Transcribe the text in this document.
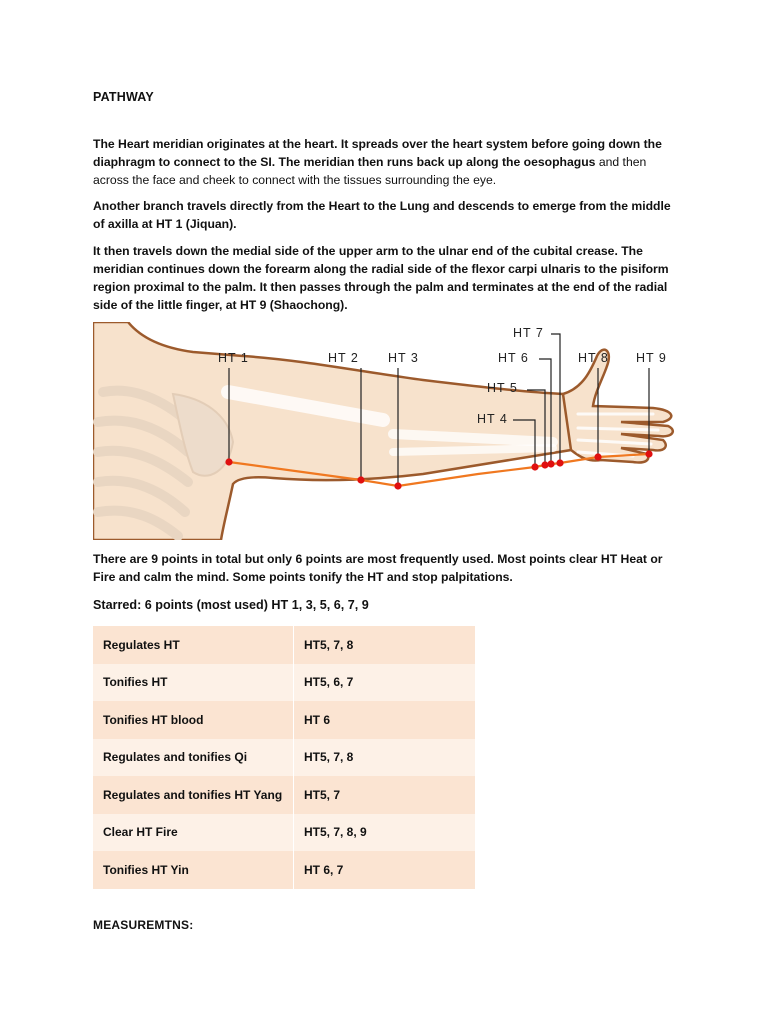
PATHWAY

The Heart meridian originates at the heart. It spreads over the heart system before going down the diaphragm to connect to the SI. The meridian then runs back up along the oesophagus and then across the face and cheek to connect with the tissues surrounding the eye.

Another branch travels directly from the Heart to the Lung and descends to emerge from the middle of axilla at HT 1 (Jiquan).

It then travels down the medial side of the upper arm to the ulnar end of the cubital crease. The meridian continues down the forearm along the radial side of the flexor carpi ulnaris to the pisiform region proximal to the palm. It then passes through the palm and terminates at the end of the radial side of the little finger, at HT 9 (Shaochong).

HT 1	HT 2 HT 3
HT 4
HT 5
HT 6
HT 7
HT 8 HT 9

There are 9 points in total but only 6 points are most frequently used. Most points clear HT Heat or Fire and calm the mind. Some points tonify the HT and stop palpitations.

Starred: 6 points (most used) HT 1, 3, 5, 6, 7, 9

Regulates HT	HT5, 7, 8
Tonifies HT	HT5, 6, 7
Tonifies HT blood	HT 6
Regulates and tonifies Qi	HT5, 7, 8
Regulates and tonifies HT Yang	HT5, 7
Clear HT Fire	HT5, 7, 8, 9
Tonifies HT Yin	HT 6, 7
MEASUREMTNS:
